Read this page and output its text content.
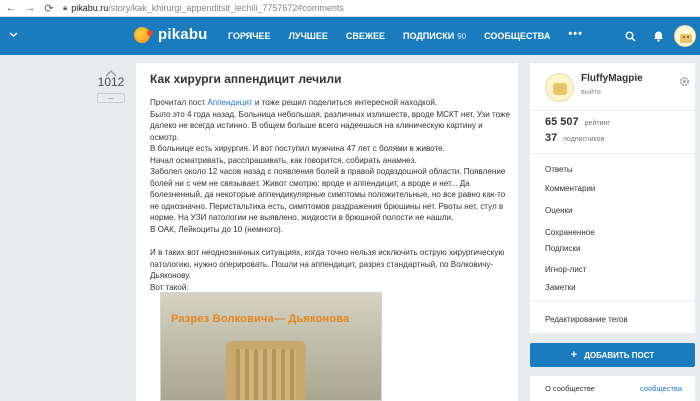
← → ⟳	🔒︎ pikabu.ru /story/kak_khirurgi_appenditsit_lechili_7757672#comments
pikabu ГОРЯЧЕЕ ЛУЧШЕЕ СВЕЖЕЕ ПОДПИСКИ 90 СООБЩЕСТВА •••
1012
–
Как хирурги аппендицит лечили

Прочитал пост Аппендицит и тоже решил поделиться интересной находкой.

Было это 4 года назад. Больница небольшая, различных излишеств, вроде МСКТ нет. Узи тоже далеко не всегда истинно. В общем больше всего надеешься на клиническую картину и осмотр.

В больнице есть хирургия. И вот поступил мужчина 47 лет с болями в животе.

Начал осматривать, расспрашивать, как говорится, собирать анамнез.

Заболел около 12 часов назад с появления болей в правой подвздошной области. Появление болей ни с чем не связывает. Живот смотрю: вроде и аппендицит, а вроде и нет... Да болезненный, да некоторые аппендикулярные симптомы положительные, но все равно как-то не однозначно. Перистальтика есть, симптомов раздражения брюшины нет. Рвоты нет, стул в норме. На УЗИ патологии не выявлено, жидкости в брюшной полости не нашли.

В ОАК, Лейкоциты до 10 (немного).

И в таких вот неоднозначных ситуациях, когда точно нельзя исключить острую хирургическую патологию, нужно оперировать. Пошли на аппендицит, разрез стандартный, по Волковичу-Дьяконову.

Вот такой:

Разрез Волковича— Дьяконова
FluffyMagpie
выйти
65 507 рейтинг
37 подписчиков
Ответы
Комментарии
Оценки
Сохраненное
Подписки
Игнор-лист
Заметки
Редактирование тегов
+ ДОБАВИТЬ ПОСТ
О сообществе	сообщества
